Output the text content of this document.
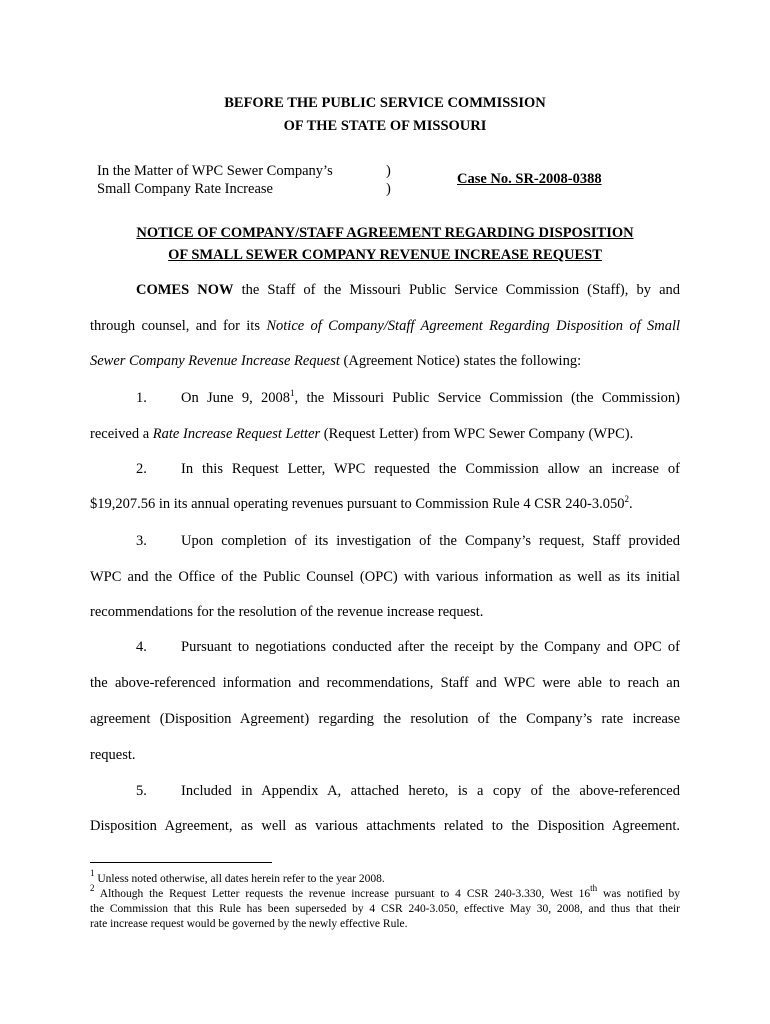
BEFORE THE PUBLIC SERVICE COMMISSION
OF THE STATE OF MISSOURI
In the Matter of WPC Sewer Company’s
Small Company Rate Increase
)
)
Case No. SR-2008-0388
NOTICE OF COMPANY/STAFF AGREEMENT REGARDING DISPOSITION
OF SMALL SEWER COMPANY REVENUE INCREASE REQUEST
COMES NOW the Staff of the Missouri Public Service Commission (Staff), by and
through counsel, and for its Notice of Company/Staff Agreement Regarding Disposition of Small
Sewer Company Revenue Increase Request (Agreement Notice) states the following:
1. On June 9, 2008$^1$, the Missouri Public Service Commission (the Commission)
received a Rate Increase Request Letter (Request Letter) from WPC Sewer Company (WPC).
2. In this Request Letter, WPC requested the Commission allow an increase of
$19,207.56 in its annual operating revenues pursuant to Commission Rule 4 CSR 240-3.050$^2$.
3. Upon completion of its investigation of the Company’s request, Staff provided
WPC and the Office of the Public Counsel (OPC) with various information as well as its initial
recommendations for the resolution of the revenue increase request.
4. Pursuant to negotiations conducted after the receipt by the Company and OPC of
the above-referenced information and recommendations, Staff and WPC were able to reach an
agreement (Disposition Agreement) regarding the resolution of the Company’s rate increase
request.
5. Included in Appendix A, attached hereto, is a copy of the above-referenced
Disposition Agreement, as well as various attachments related to the Disposition Agreement.
$^1$ Unless noted otherwise, all dates herein refer to the year 2008.
$^2$ Although the Request Letter requests the revenue increase pursuant to 4 CSR 240-3.330, West 16th was notified by
the Commission that this Rule has been superseded by 4 CSR 240-3.050, effective May 30, 2008, and thus that their
rate increase request would be governed by the newly effective Rule.
